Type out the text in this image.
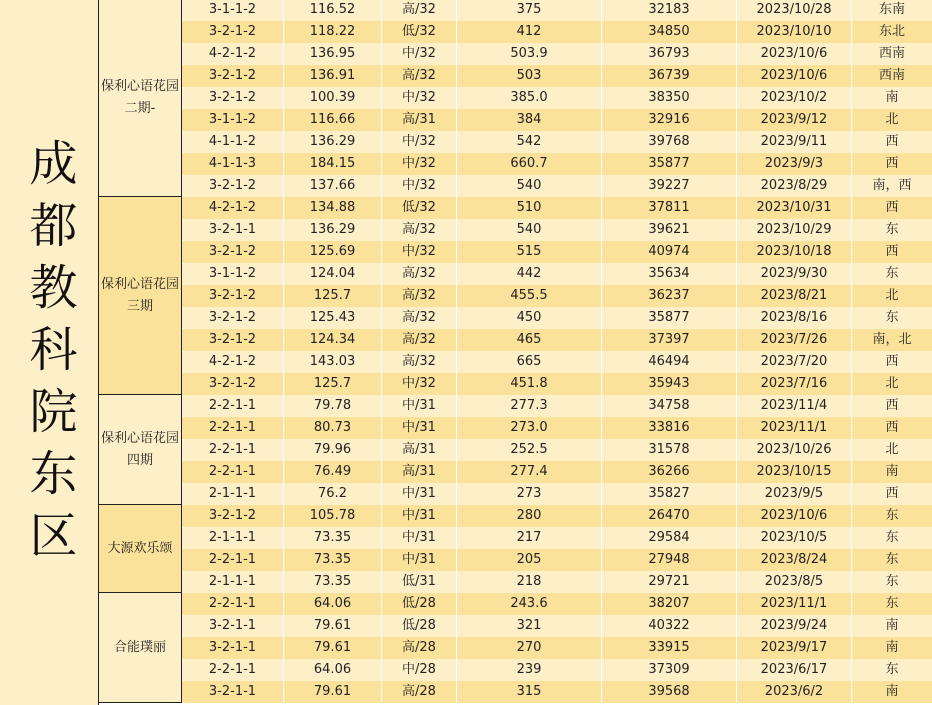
成都教科院东区
保利心语花园二期-
保利心语花园三期
保利心语花园四期
大源欢乐颂
合能璞丽
3-1-1-2	116.52	高/32	375	32183	2023/10/28	东南
3-2-1-2	118.22	低/32	412	34850	2023/10/10	东北
4-2-1-2	136.95	中/32	503.9	36793	2023/10/6	西南
3-2-1-2	136.91	高/32	503	36739	2023/10/6	西南
3-2-1-2	100.39	中/32	385.0	38350	2023/10/2	南
3-1-1-2	116.66	高/31	384	32916	2023/9/12	北
4-1-1-2	136.29	中/32	542	39768	2023/9/11	西
4-1-1-3	184.15	中/32	660.7	35877	2023/9/3	西
3-2-1-2	137.66	中/32	540	39227	2023/8/29	南，西
4-2-1-2	134.88	低/32	510	37811	2023/10/31	西
3-2-1-1	136.29	高/32	540	39621	2023/10/29	东
3-2-1-2	125.69	中/32	515	40974	2023/10/18	西
3-1-1-2	124.04	高/32	442	35634	2023/9/30	东
3-2-1-2	125.7	高/32	455.5	36237	2023/8/21	北
3-2-1-2	125.43	高/32	450	35877	2023/8/16	东
3-2-1-2	124.34	高/32	465	37397	2023/7/26	南，北
4-2-1-2	143.03	高/32	665	46494	2023/7/20	西
3-2-1-2	125.7	中/32	451.8	35943	2023/7/16	北
2-2-1-1	79.78	中/31	277.3	34758	2023/11/4	西
2-2-1-1	80.73	中/31	273.0	33816	2023/11/1	西
2-2-1-1	79.96	高/31	252.5	31578	2023/10/26	北
2-2-1-1	76.49	高/31	277.4	36266	2023/10/15	南
2-1-1-1	76.2	中/31	273	35827	2023/9/5	西
3-2-1-2	105.78	中/31	280	26470	2023/10/6	东
2-1-1-1	73.35	中/31	217	29584	2023/10/5	东
2-2-1-1	73.35	中/31	205	27948	2023/8/24	东
2-1-1-1	73.35	低/31	218	29721	2023/8/5	东
2-2-1-1	64.06	低/28	243.6	38207	2023/11/1	东
3-2-1-1	79.61	低/28	321	40322	2023/9/24	南
3-2-1-1	79.61	高/28	270	33915	2023/9/17	南
2-2-1-1	64.06	中/28	239	37309	2023/6/17	东
3-2-1-1	79.61	高/28	315	39568	2023/6/2	南
